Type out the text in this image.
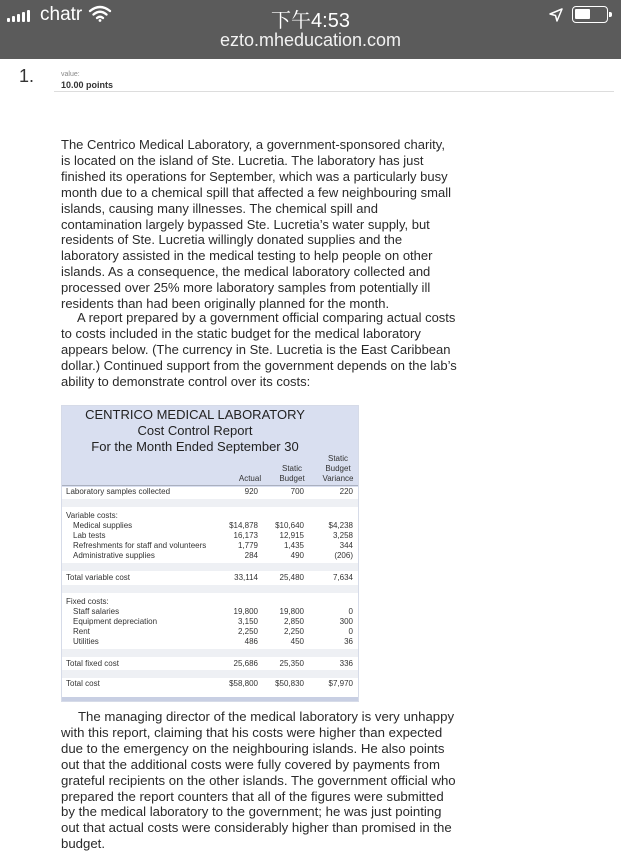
chatr	下午4:53
ezto.mheducation.com
1.	value:
10.00 points
The Centrico Medical Laboratory, a government-sponsored charity, is located on the island of Ste. Lucretia. The laboratory has just finished its operations for September, which was a particularly busy month due to a chemical spill that affected a few neighbouring small islands, causing many illnesses. The chemical spill and contamination largely bypassed Ste. Lucretia’s water supply, but residents of Ste. Lucretia willingly donated supplies and the laboratory assisted in the medical testing to help people on other islands. As a consequence, the medical laboratory collected and processed over 25% more laboratory samples from potentially ill residents than had been originally planned for the month.
A report prepared by a government official comparing actual costs to costs included in the static budget for the medical laboratory appears below. (The currency in Ste. Lucretia is the East Caribbean dollar.) Continued support from the government depends on the lab’s ability to demonstrate control over its costs:
CENTRICO MEDICAL LABORATORY
Cost Control Report
For the Month Ended September 30
Actual
Static
Budget
Static
Budget
Variance
Laboratory samples collected	920	700	220
Variable costs:
Medical supplies	$14,878 $10,640	$4,238
Lab tests	16,173	12,915	3,258
Refreshments for staff and volunteers	1,779	1,435	344
Administrative supplies	284	490	(206)
Total variable cost	33,114	25,480	7,634
Fixed costs:
Staff salaries	19,800	19,800	0
Equipment depreciation	3,150	2,850	300
Rent	2,250	2,250	0
Utilities	486	450	36
Total fixed cost	25,686	25,350	336
Total cost	$58,800 $50,830	$7,970
The managing director of the medical laboratory is very unhappy with this report, claiming that his costs were higher than expected due to the emergency on the neighbouring islands. He also points out that the additional costs were fully covered by payments from grateful recipients on the other islands. The government official who prepared the report counters that all of the figures were submitted by the medical laboratory to the government; he was just pointing out that actual costs were considerably higher than promised in the budget.
